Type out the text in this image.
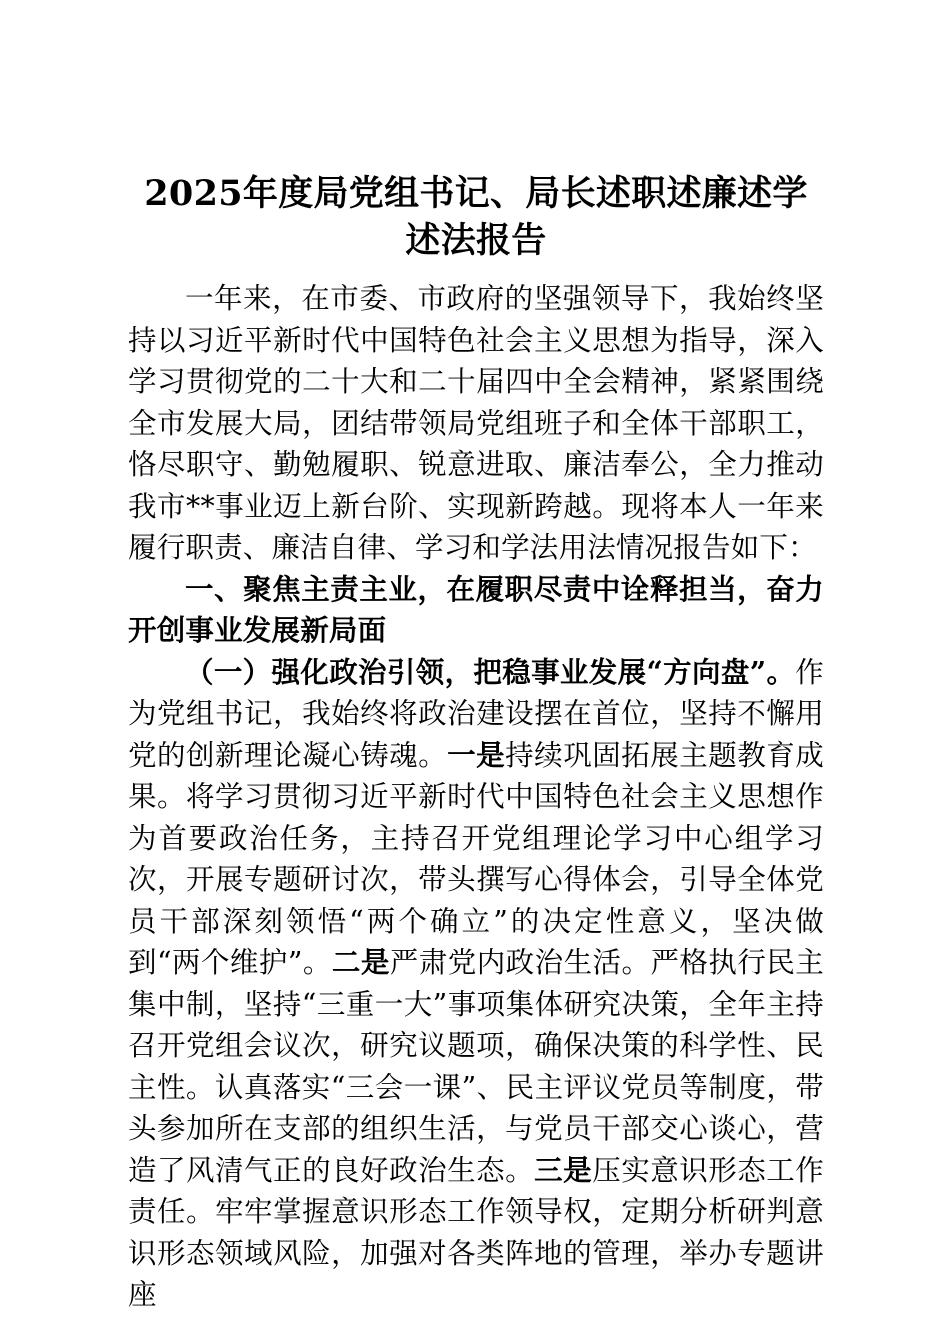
2025年度局党组书记、局长述职述廉述学述法报告

一年来，在市委、市政府的坚强领导下，我始终坚持以习近平新时代中国特色社会主义思想为指导，深入学习贯彻党的二十大和二十届四中全会精神，紧紧围绕全市发展大局，团结带领局党组班子和全体干部职工，恪尽职守、勤勉履职、锐意进取、廉洁奉公，全力推动我市**事业迈上新台阶、实现新跨越。现将本人一年来履行职责、廉洁自律、学习和学法用法情况报告如下：

一、聚焦主责主业，在履职尽责中诠释担当，奋力开创事业发展新局面

（一）强化政治引领，把稳事业发展“方向盘”。作为党组书记，我始终将政治建设摆在首位，坚持不懈用党的创新理论凝心铸魂。一是持续巩固拓展主题教育成果。将学习贯彻习近平新时代中国特色社会主义思想作为首要政治任务，主持召开党组理论学习中心组学习次，开展专题研讨次，带头撰写心得体会，引导全体党员干部深刻领悟“两个确立”的决定性意义，坚决做到“两个维护”。二是严肃党内政治生活。严格执行民主集中制，坚持“三重一大”事项集体研究决策，全年主持召开党组会议次，研究议题项，确保决策的科学性、民主性。认真落实“三会一课”、民主评议党员等制度，带头参加所在支部的组织生活，与党员干部交心谈心，营造了风清气正的良好政治生态。三是压实意识形态工作责任。牢牢掌握意识形态工作领导权，定期分析研判意识形态领域风险，加强对各类阵地的管理，举办专题讲座
